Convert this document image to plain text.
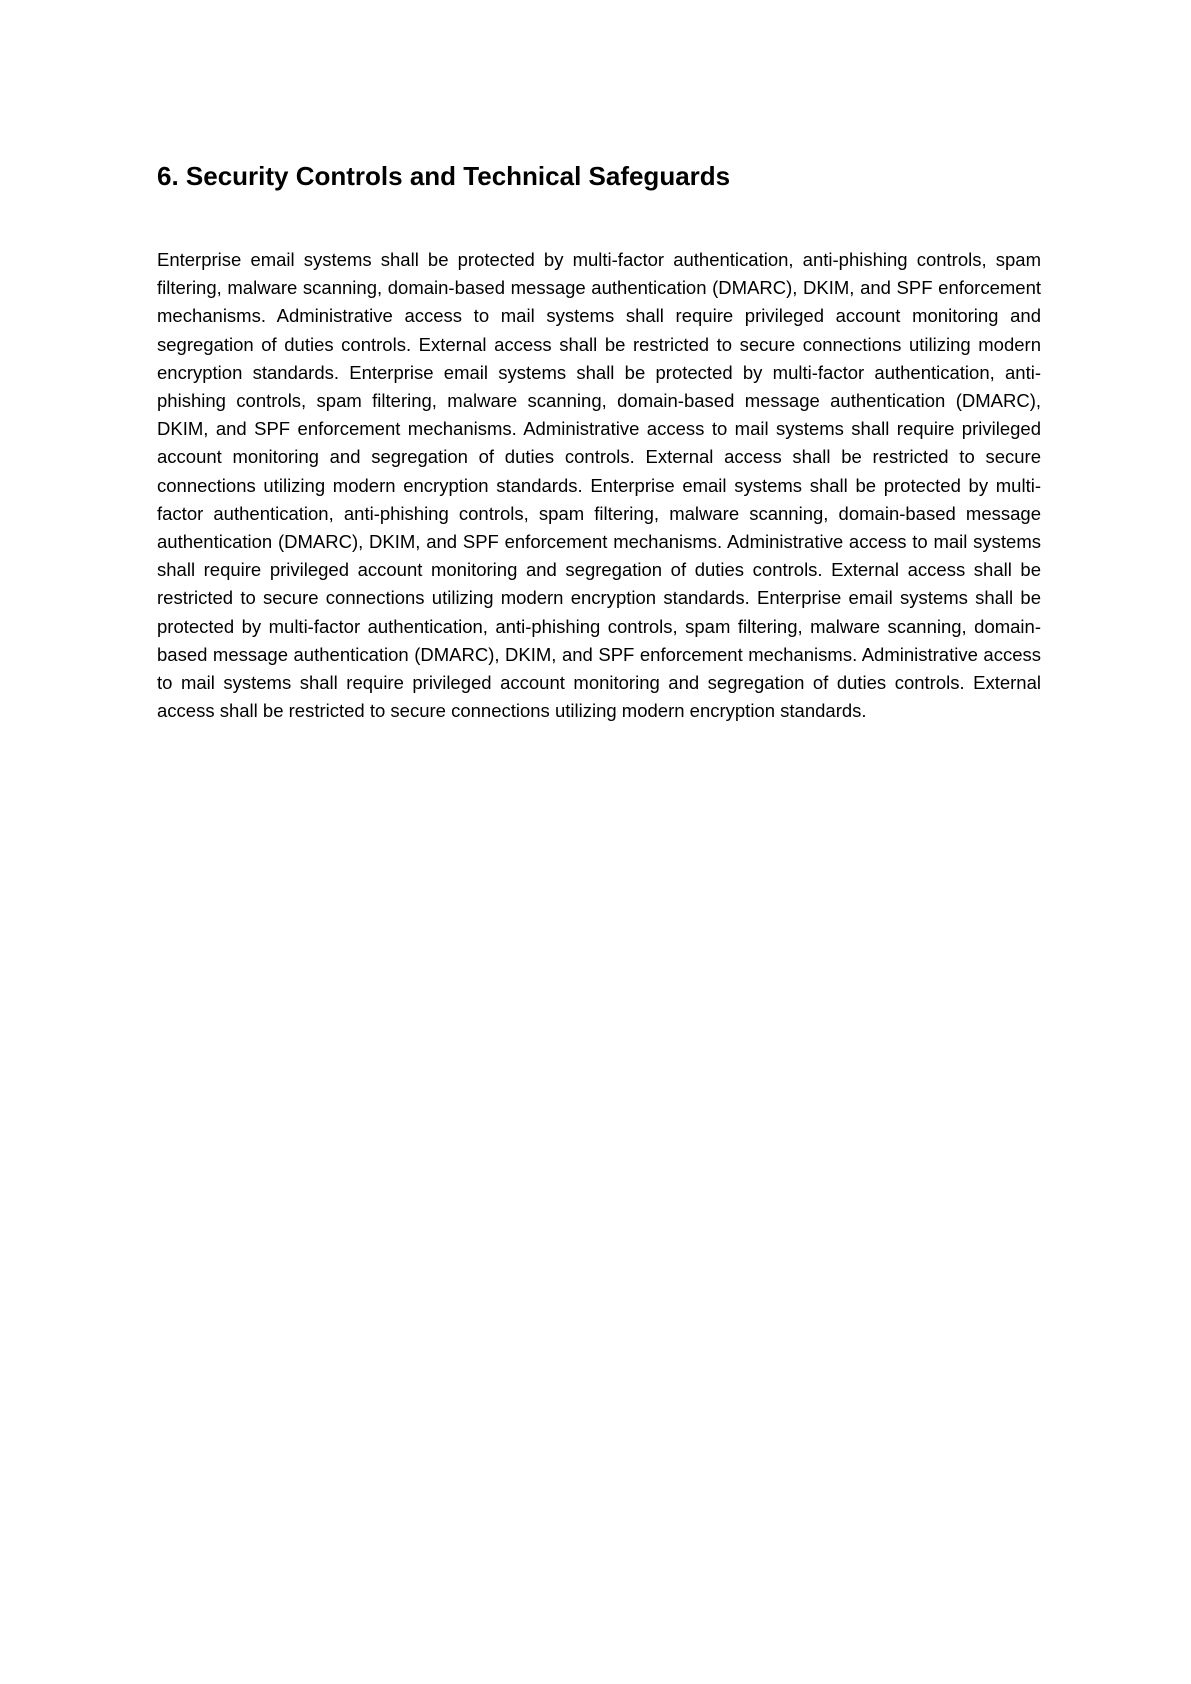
6. Security Controls and Technical Safeguards

Enterprise email systems shall be protected by multi-factor authentication, anti-phishing controls, spam filtering, malware scanning, domain-based message authentication (DMARC), DKIM, and SPF enforcement mechanisms. Administrative access to mail systems shall require privileged account monitoring and segregation of duties controls. External access shall be restricted to secure connections utilizing modern encryption standards. Enterprise email systems shall be protected by multi-factor authentication, anti-phishing controls, spam filtering, malware scanning, domain-based message authentication (DMARC), DKIM, and SPF enforcement mechanisms. Administrative access to mail systems shall require privileged account monitoring and segregation of duties controls. External access shall be restricted to secure connections utilizing modern encryption standards. Enterprise email systems shall be protected by multi-factor authentication, anti-phishing controls, spam filtering, malware scanning, domain-based message authentication (DMARC), DKIM, and SPF enforcement mechanisms. Administrative access to mail systems shall require privileged account monitoring and segregation of duties controls. External access shall be restricted to secure connections utilizing modern encryption standards. Enterprise email systems shall be protected by multi-factor authentication, anti-phishing controls, spam filtering, malware scanning, domain-based message authentication (DMARC), DKIM, and SPF enforcement mechanisms. Administrative access to mail systems shall require privileged account monitoring and segregation of duties controls. External access shall be restricted to secure connections utilizing modern encryption standards.
